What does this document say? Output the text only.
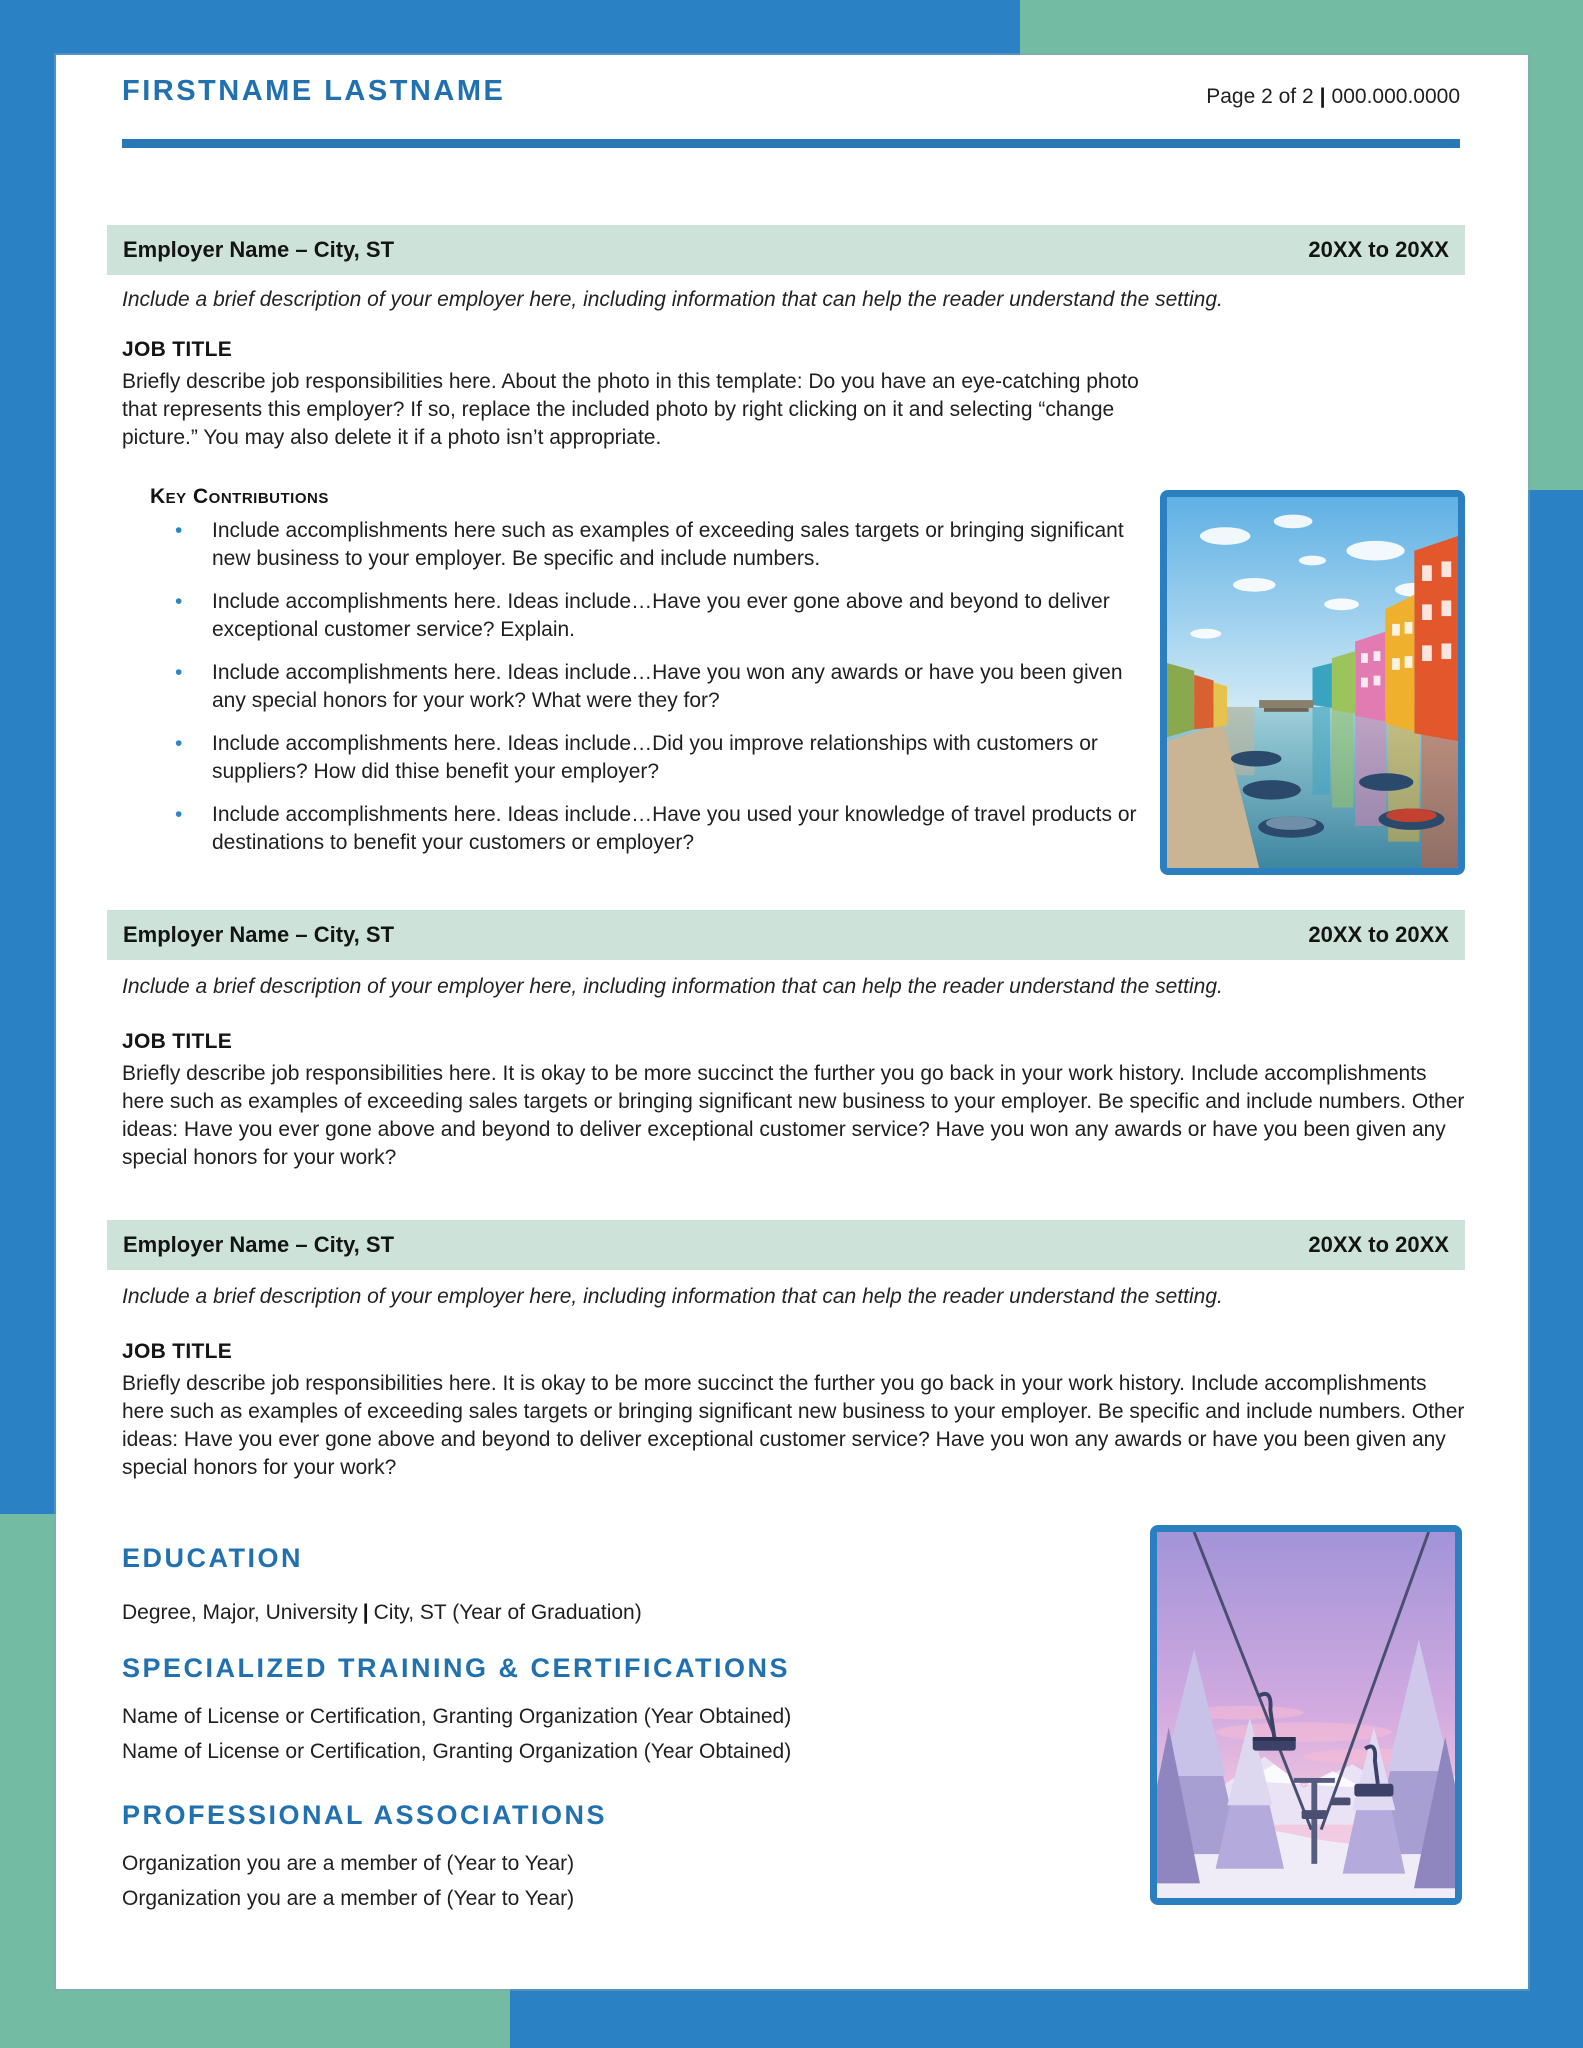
FIRSTNAME LASTNAME	Page 2 of 2 | 000.000.0000
Employer Name – City, ST	20XX to 20XX
Include a brief description of your employer here, including information that can help the reader understand the setting.
JOB TITLE
Briefly describe job responsibilities here. About the photo in this template: Do you have an eye-catching photo that represents this employer? If so, replace the included photo by right clicking on it and selecting “change picture.” You may also delete it if a photo isn’t appropriate.
Key Contributions
•	Include accomplishments here such as examples of exceeding sales targets or bringing significant new business to your employer. Be specific and include numbers.
•	Include accomplishments here. Ideas include…Have you ever gone above and beyond to deliver exceptional customer service? Explain.
•	Include accomplishments here. Ideas include…Have you won any awards or have you been given any special honors for your work? What were they for?
•	Include accomplishments here. Ideas include…Did you improve relationships with customers or suppliers? How did thise benefit your employer?
•	Include accomplishments here. Ideas include…Have you used your knowledge of travel products or destinations to benefit your customers or employer?
Employer Name – City, ST	20XX to 20XX
Include a brief description of your employer here, including information that can help the reader understand the setting.
JOB TITLE
Briefly describe job responsibilities here. It is okay to be more succinct the further you go back in your work history. Include accomplishments here such as examples of exceeding sales targets or bringing significant new business to your employer. Be specific and include numbers. Other ideas: Have you ever gone above and beyond to deliver exceptional customer service? Have you won any awards or have you been given any special honors for your work?
Employer Name – City, ST	20XX to 20XX
Include a brief description of your employer here, including information that can help the reader understand the setting.
JOB TITLE
Briefly describe job responsibilities here. It is okay to be more succinct the further you go back in your work history. Include accomplishments here such as examples of exceeding sales targets or bringing significant new business to your employer. Be specific and include numbers. Other ideas: Have you ever gone above and beyond to deliver exceptional customer service? Have you won any awards or have you been given any special honors for your work?
EDUCATION
Degree, Major, University | City, ST (Year of Graduation)
SPECIALIZED TRAINING & CERTIFICATIONS
Name of License or Certification, Granting Organization (Year Obtained)
Name of License or Certification, Granting Organization (Year Obtained)
PROFESSIONAL ASSOCIATIONS
Organization you are a member of (Year to Year)
Organization you are a member of (Year to Year)
